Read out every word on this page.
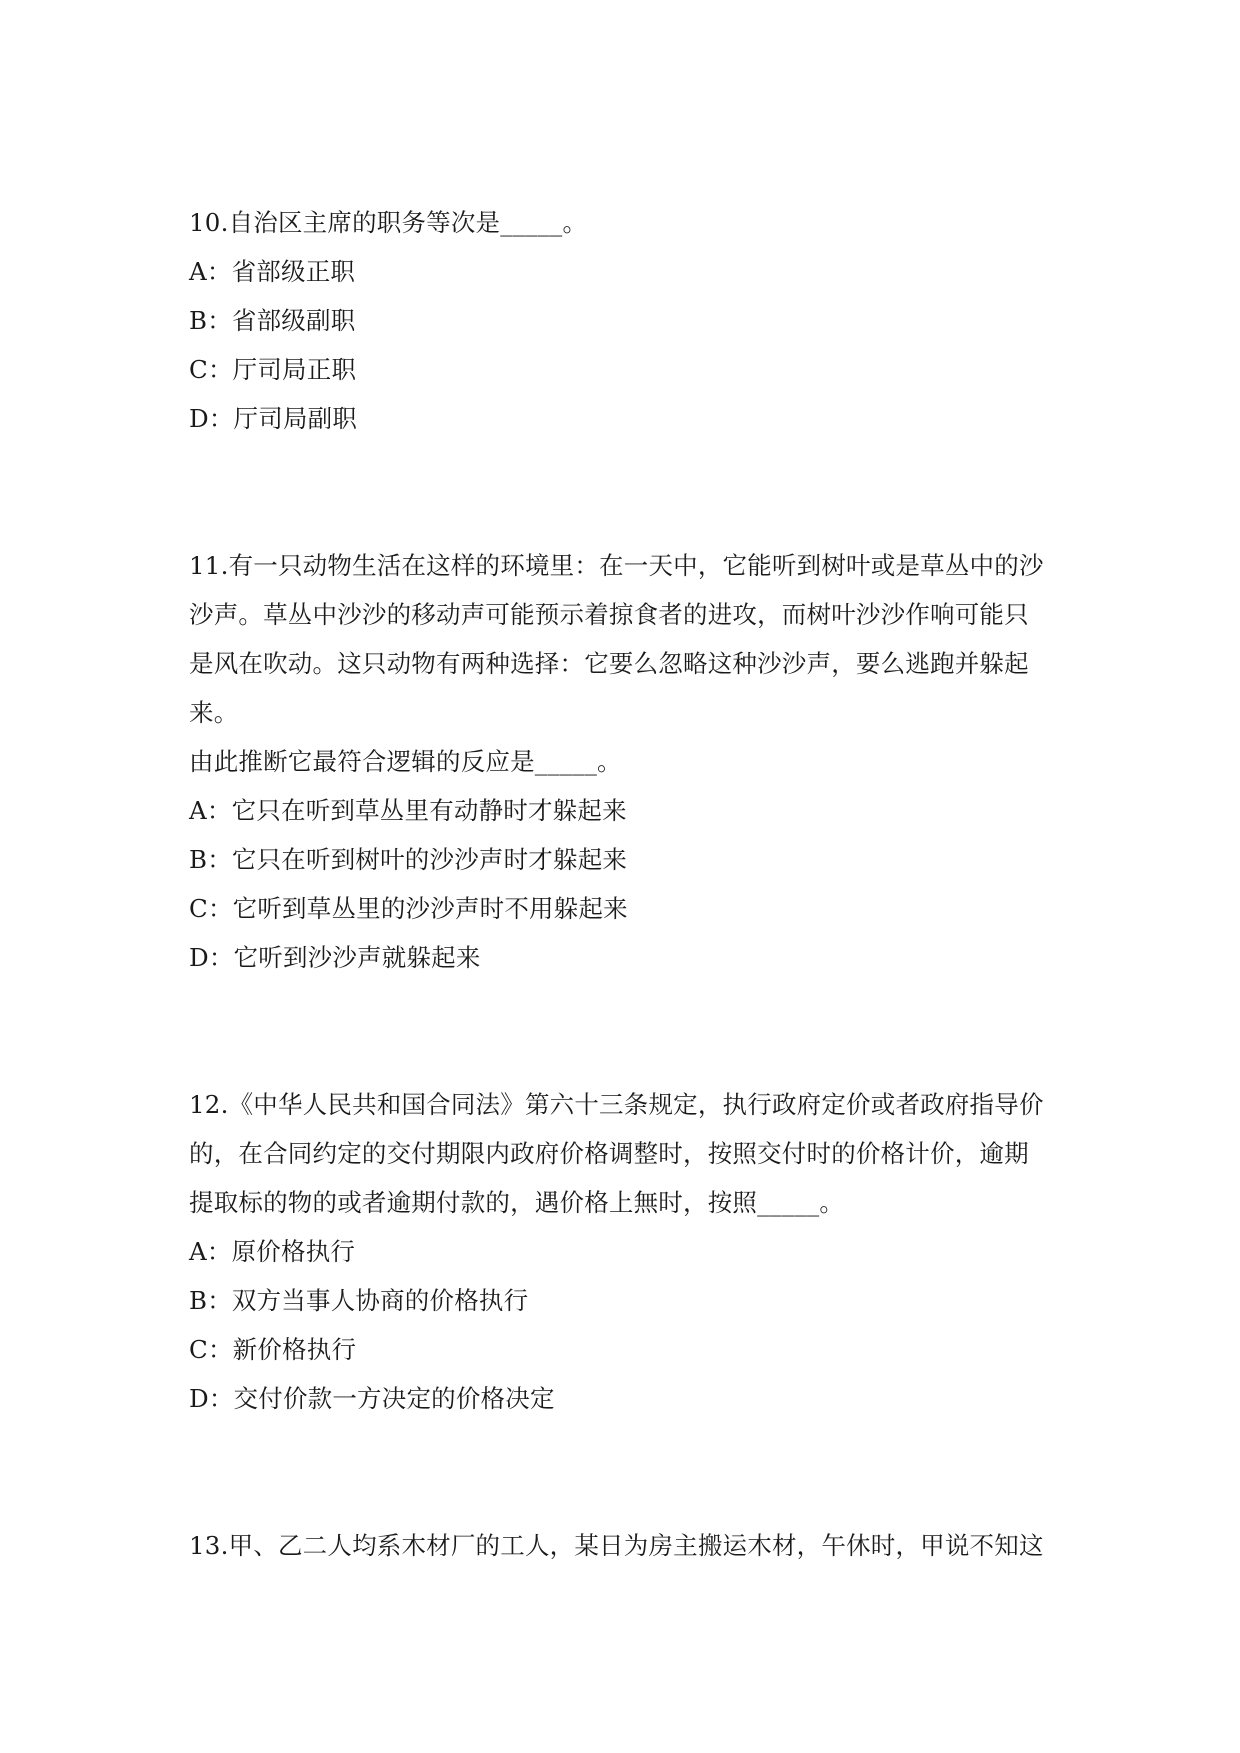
10.自治区主席的职务等次是_____。
A：省部级正职
B：省部级副职
C：厅司局正职
D：厅司局副职
11.有一只动物生活在这样的环境里：在一天中，它能听到树叶或是草丛中的沙
沙声。草丛中沙沙的移动声可能预示着掠食者的进攻，而树叶沙沙作响可能只
是风在吹动。这只动物有两种选择：它要么忽略这种沙沙声，要么逃跑并躲起
来。
由此推断它最符合逻辑的反应是_____。
A：它只在听到草丛里有动静时才躲起来
B：它只在听到树叶的沙沙声时才躲起来
C：它听到草丛里的沙沙声时不用躲起来
D：它听到沙沙声就躲起来
12.《中华人民共和国合同法》第六十三条规定，执行政府定价或者政府指导价
的，在合同约定的交付期限内政府价格调整时，按照交付时的价格计价，逾期
提取标的物的或者逾期付款的，遇价格上無时，按照_____。
A：原价格执行
B：双方当事人协商的价格执行
C：新价格执行
D：交付价款一方决定的价格决定
13.甲、乙二人均系木材厂的工人，某日为房主搬运木材，午休时，甲说不知这
